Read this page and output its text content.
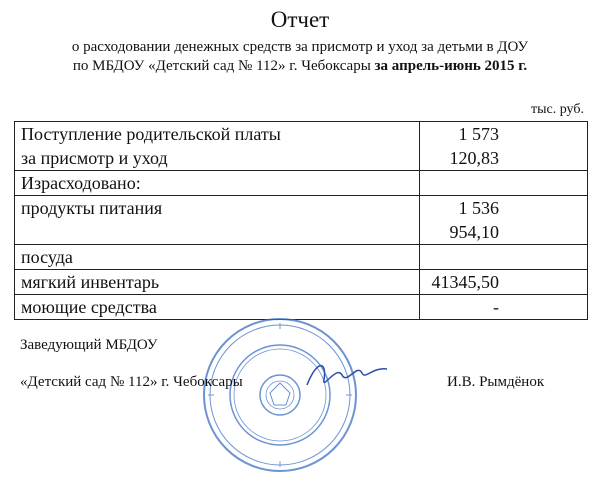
Отчет
о расходовании денежных средств за присмотр и уход за детьми в ДОУ
по МБДОУ «Детский сад № 112» г. Чебоксары за апрель-июнь 2015 г.
тыс. руб.
Поступление родительской платы
за присмотр и уход	1 573 120,83
Израсходовано:	
продукты питания	1 536 954,10
посуда	
мягкий инвентарь	41345,50
моющие средства	-
Заведующий МБДОУ
«Детский сад № 112» г. Чебоксары	И.В. Рымдёнок
